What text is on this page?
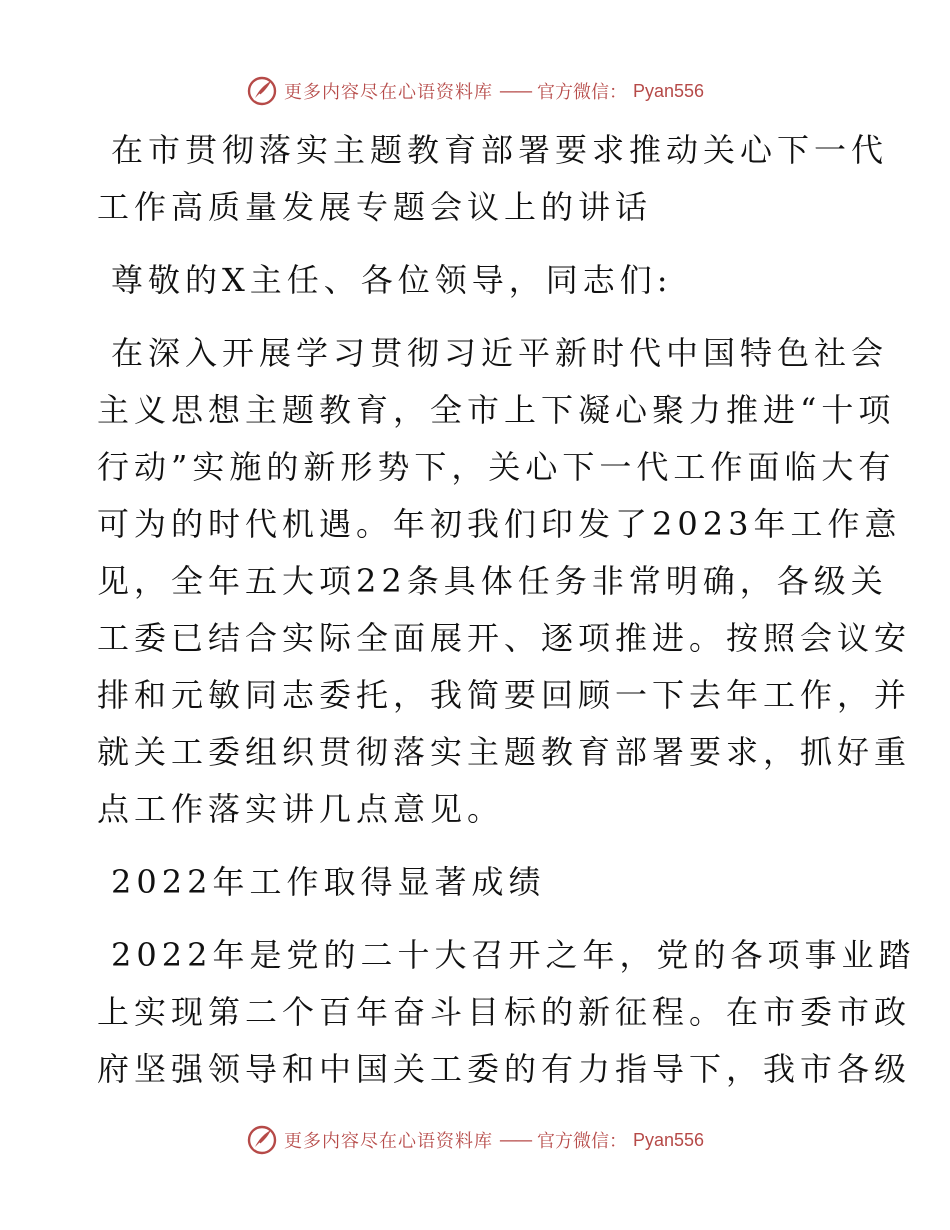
更多内容尽在心语资料库 —— 官方微信： Pyan556
在市贯彻落实主题教育部署要求推动关心下一代
工作高质量发展专题会议上的讲话
尊敬的X主任、各位领导，同志们:
在深入开展学习贯彻习近平新时代中国特色社会
主义思想主题教育，全市上下凝心聚力推进“十项
行动”实施的新形势下，关心下一代工作面临大有
可为的时代机遇。年初我们印发了2023年工作意
见，全年五大项22条具体任务非常明确，各级关
工委已结合实际全面展开、逐项推进。按照会议安
排和元敏同志委托，我简要回顾一下去年工作，并
就关工委组织贯彻落实主题教育部署要求，抓好重
点工作落实讲几点意见。
2022年工作取得显著成绩
2022年是党的二十大召开之年，党的各项事业踏
上实现第二个百年奋斗目标的新征程。在市委市政
府坚强领导和中国关工委的有力指导下，我市各级
更多内容尽在心语资料库 —— 官方微信： Pyan556
